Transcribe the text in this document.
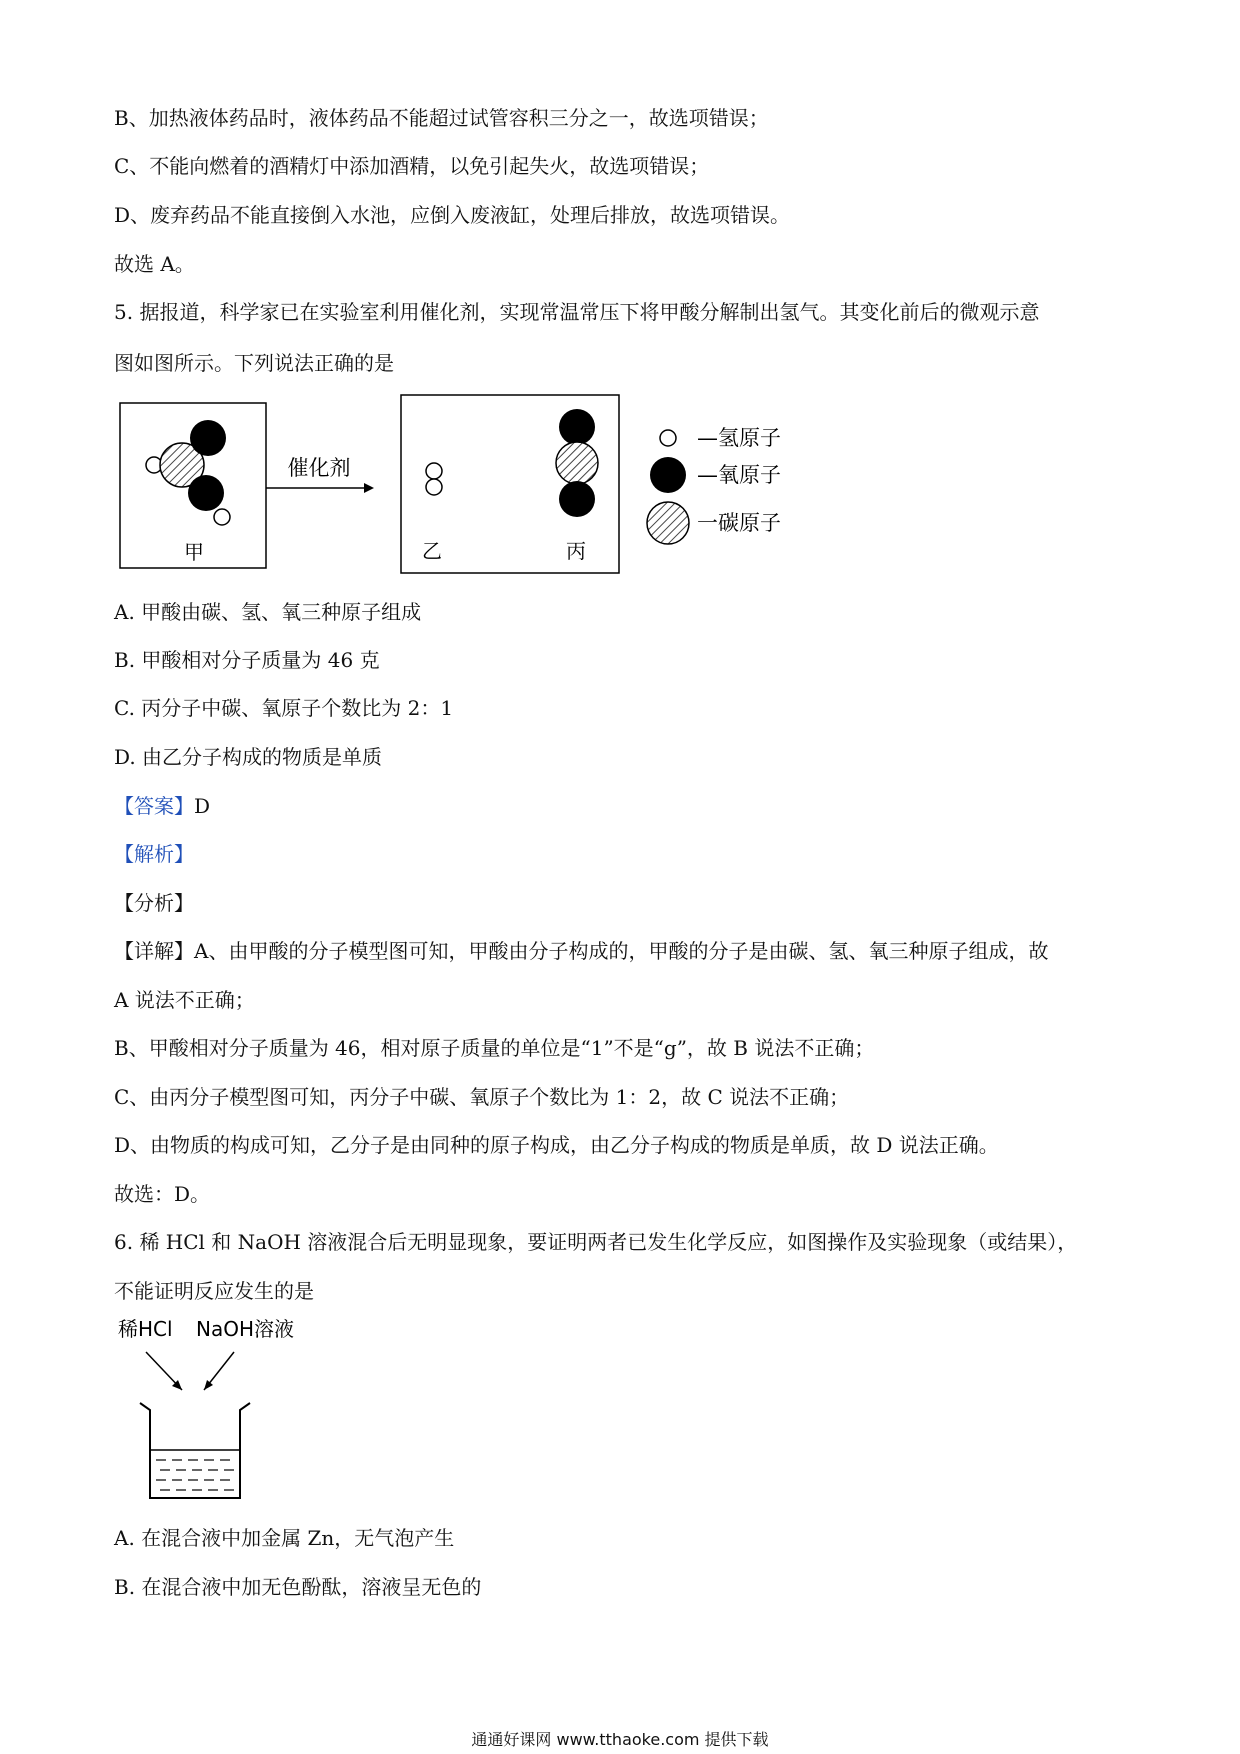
B、加热液体药品时，液体药品不能超过试管容积三分之一，故选项错误；
C、不能向燃着的酒精灯中添加酒精，以免引起失火，故选项错误；
D、废弃药品不能直接倒入水池，应倒入废液缸，处理后排放，故选项错误。
故选 A。
5. 据报道，科学家已在实验室利用催化剂，实现常温常压下将甲酸分解制出氢气。其变化前后的微观示意
图如图所示。下列说法正确的是
甲
催化剂
乙	丙
—氢原子
—氧原子
一碳原子
A. 甲酸由碳、氢、氧三种原子组成
B. 甲酸相对分子质量为 46 克
C. 丙分子中碳、氧原子个数比为 2：1
D. 由乙分子构成的物质是单质
【答案】D
【解析】
【分析】
【详解】A、由甲酸的分子模型图可知，甲酸由分子构成的，甲酸的分子是由碳、氢、氧三种原子组成，故
A 说法不正确；
B、甲酸相对分子质量为 46，相对原子质量的单位是“1”不是“g”，故 B 说法不正确；
C、由丙分子模型图可知，丙分子中碳、氧原子个数比为 1：2，故 C 说法不正确；
D、由物质的构成可知，乙分子是由同种的原子构成，由乙分子构成的物质是单质，故 D 说法正确。
故选：D。
6. 稀 HCl 和 NaOH 溶液混合后无明显现象，要证明两者已发生化学反应，如图操作及实验现象（或结果），
不能证明反应发生的是
稀HCl NaOH溶液
A. 在混合液中加金属 Zn，无气泡产生
B. 在混合液中加无色酚酞，溶液呈无色的
通通好课网 www.tthaoke.com 提供下载
